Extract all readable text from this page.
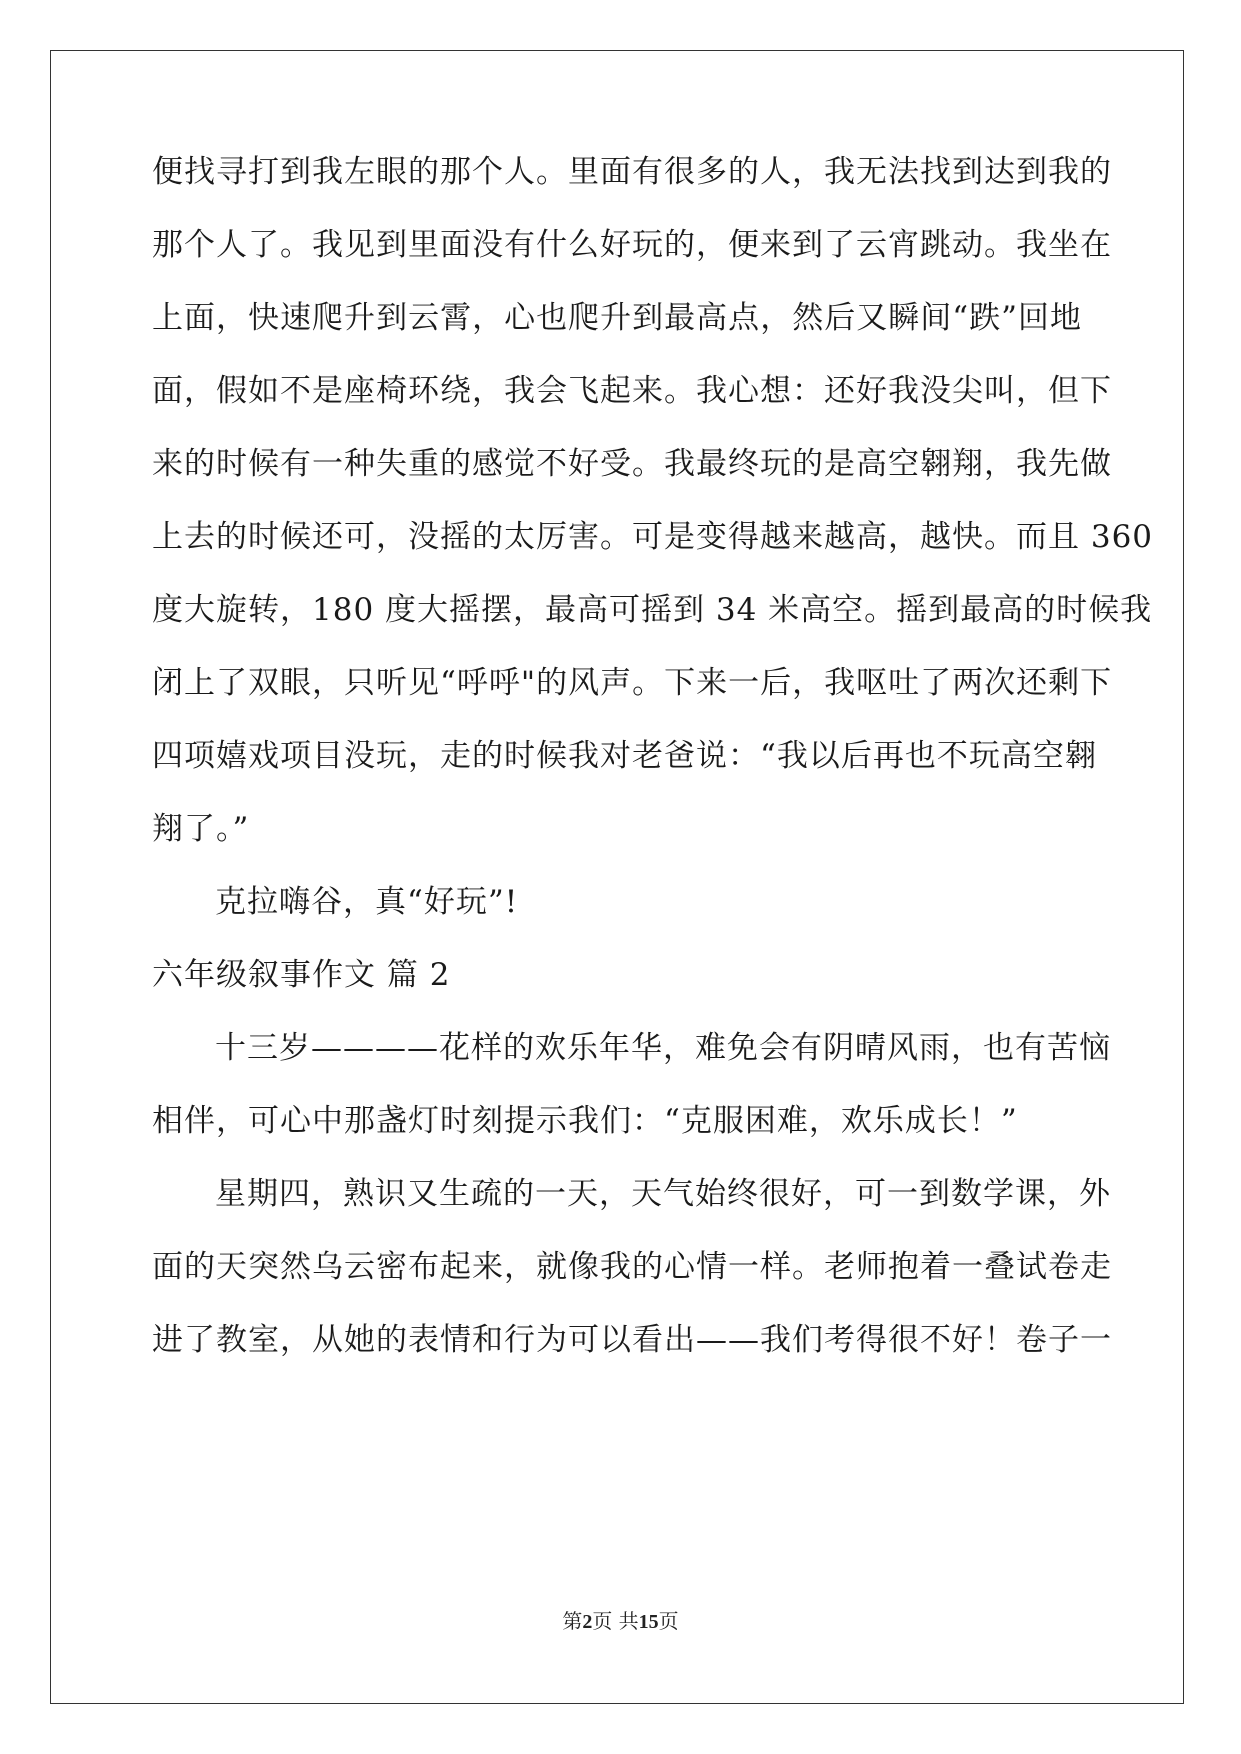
便找寻打到我左眼的那个人。里面有很多的人，我无法找到达到我的
那个人了。我见到里面没有什么好玩的，便来到了云宵跳动。我坐在
上面，快速爬升到云霄，心也爬升到最高点，然后又瞬间“跌”回地
面，假如不是座椅环绕，我会飞起来。我心想：还好我没尖叫，但下
来的时候有一种失重的感觉不好受。我最终玩的是高空翱翔，我先做
上去的时候还可，没摇的太厉害。可是变得越来越高，越快。而且 360
度大旋转，180 度大摇摆，最高可摇到 34 米高空。摇到最高的时候我
闭上了双眼，只听见“呼呼"的风声。下来一后，我呕吐了两次还剩下
四项嬉戏项目没玩，走的时候我对老爸说：“我以后再也不玩高空翱
翔了。”
克拉嗨谷，真“好玩”!
六年级叙事作文 篇 2
十三岁————花样的欢乐年华，难免会有阴晴风雨，也有苦恼
相伴，可心中那盏灯时刻提示我们：“克服困难，欢乐成长！”
星期四，熟识又生疏的一天，天气始终很好，可一到数学课，外
面的天突然乌云密布起来，就像我的心情一样。老师抱着一叠试卷走
进了教室，从她的表情和行为可以看出——我们考得很不好！卷子一
第2页 共15页
